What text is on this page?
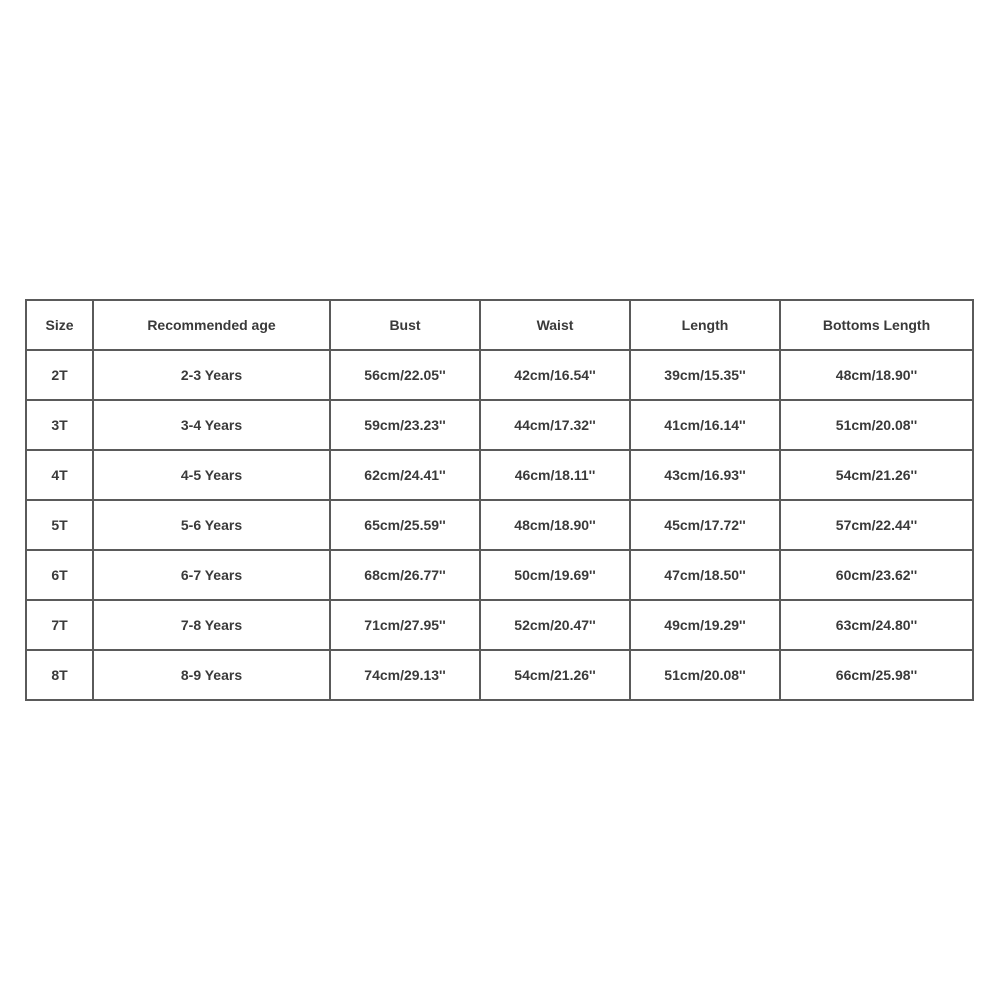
Size	Recommended age	Bust	Waist	Length	Bottoms Length
2T	2-3 Years	56cm/22.05''	42cm/16.54''	39cm/15.35''	48cm/18.90''
3T	3-4 Years	59cm/23.23''	44cm/17.32''	41cm/16.14''	51cm/20.08''
4T	4-5 Years	62cm/24.41''	46cm/18.11''	43cm/16.93''	54cm/21.26''
5T	5-6 Years	65cm/25.59''	48cm/18.90''	45cm/17.72''	57cm/22.44''
6T	6-7 Years	68cm/26.77''	50cm/19.69''	47cm/18.50''	60cm/23.62''
7T	7-8 Years	71cm/27.95''	52cm/20.47''	49cm/19.29''	63cm/24.80''
8T	8-9 Years	74cm/29.13''	54cm/21.26''	51cm/20.08''	66cm/25.98''
